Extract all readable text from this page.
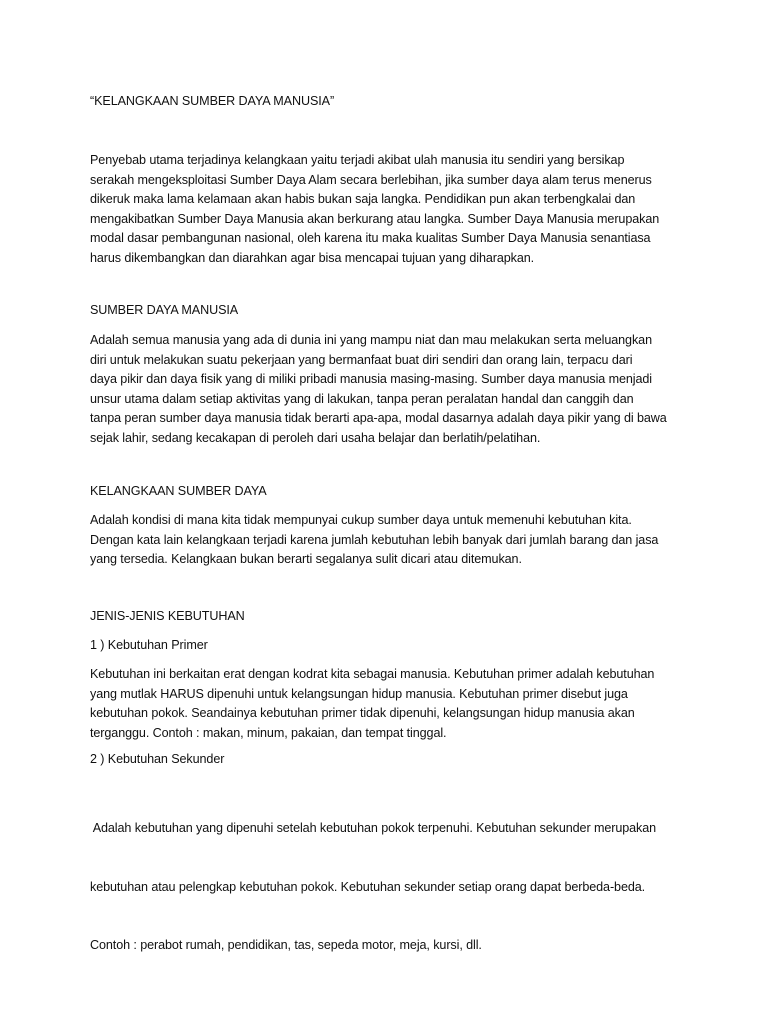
“KELANGKAAN SUMBER DAYA MANUSIA”
Penyebab utama terjadinya kelangkaan yaitu terjadi akibat ulah manusia itu sendiri yang bersikap
serakah mengeksploitasi Sumber Daya Alam secara berlebihan, jika sumber daya alam terus menerus
dikeruk maka lama kelamaan akan habis bukan saja langka. Pendidikan pun akan terbengkalai dan
mengakibatkan Sumber Daya Manusia akan berkurang atau langka. Sumber Daya Manusia merupakan
modal dasar pembangunan nasional, oleh karena itu maka kualitas Sumber Daya Manusia senantiasa
harus dikembangkan dan diarahkan agar bisa mencapai tujuan yang diharapkan.
SUMBER DAYA MANUSIA
Adalah semua manusia yang ada di dunia ini yang mampu niat dan mau melakukan serta meluangkan
diri untuk melakukan suatu pekerjaan yang bermanfaat buat diri sendiri dan orang lain, terpacu dari
daya pikir dan daya fisik yang di miliki pribadi manusia masing-masing. Sumber daya manusia menjadi
unsur utama dalam setiap aktivitas yang di lakukan, tanpa peran peralatan handal dan canggih dan
tanpa peran sumber daya manusia tidak berarti apa-apa, modal dasarnya adalah daya pikir yang di bawa
sejak lahir, sedang kecakapan di peroleh dari usaha belajar dan berlatih/pelatihan.
KELANGKAAN SUMBER DAYA
Adalah kondisi di mana kita tidak mempunyai cukup sumber daya untuk memenuhi kebutuhan kita.
Dengan kata lain kelangkaan terjadi karena jumlah kebutuhan lebih banyak dari jumlah barang dan jasa
yang tersedia. Kelangkaan bukan berarti segalanya sulit dicari atau ditemukan.
JENIS-JENIS KEBUTUHAN
1 ) Kebutuhan Primer
Kebutuhan ini berkaitan erat dengan kodrat kita sebagai manusia. Kebutuhan primer adalah kebutuhan
yang mutlak HARUS dipenuhi untuk kelangsungan hidup manusia. Kebutuhan primer disebut juga
kebutuhan pokok. Seandainya kebutuhan primer tidak dipenuhi, kelangsungan hidup manusia akan
terganggu. Contoh : makan, minum, pakaian, dan tempat tinggal.
2 ) Kebutuhan Sekunder

Adalah kebutuhan yang dipenuhi setelah kebutuhan pokok terpenuhi. Kebutuhan sekunder merupakan

kebutuhan atau pelengkap kebutuhan pokok. Kebutuhan sekunder setiap orang dapat berbeda-beda.

Contoh : perabot rumah, pendidikan, tas, sepeda motor, meja, kursi, dll.
